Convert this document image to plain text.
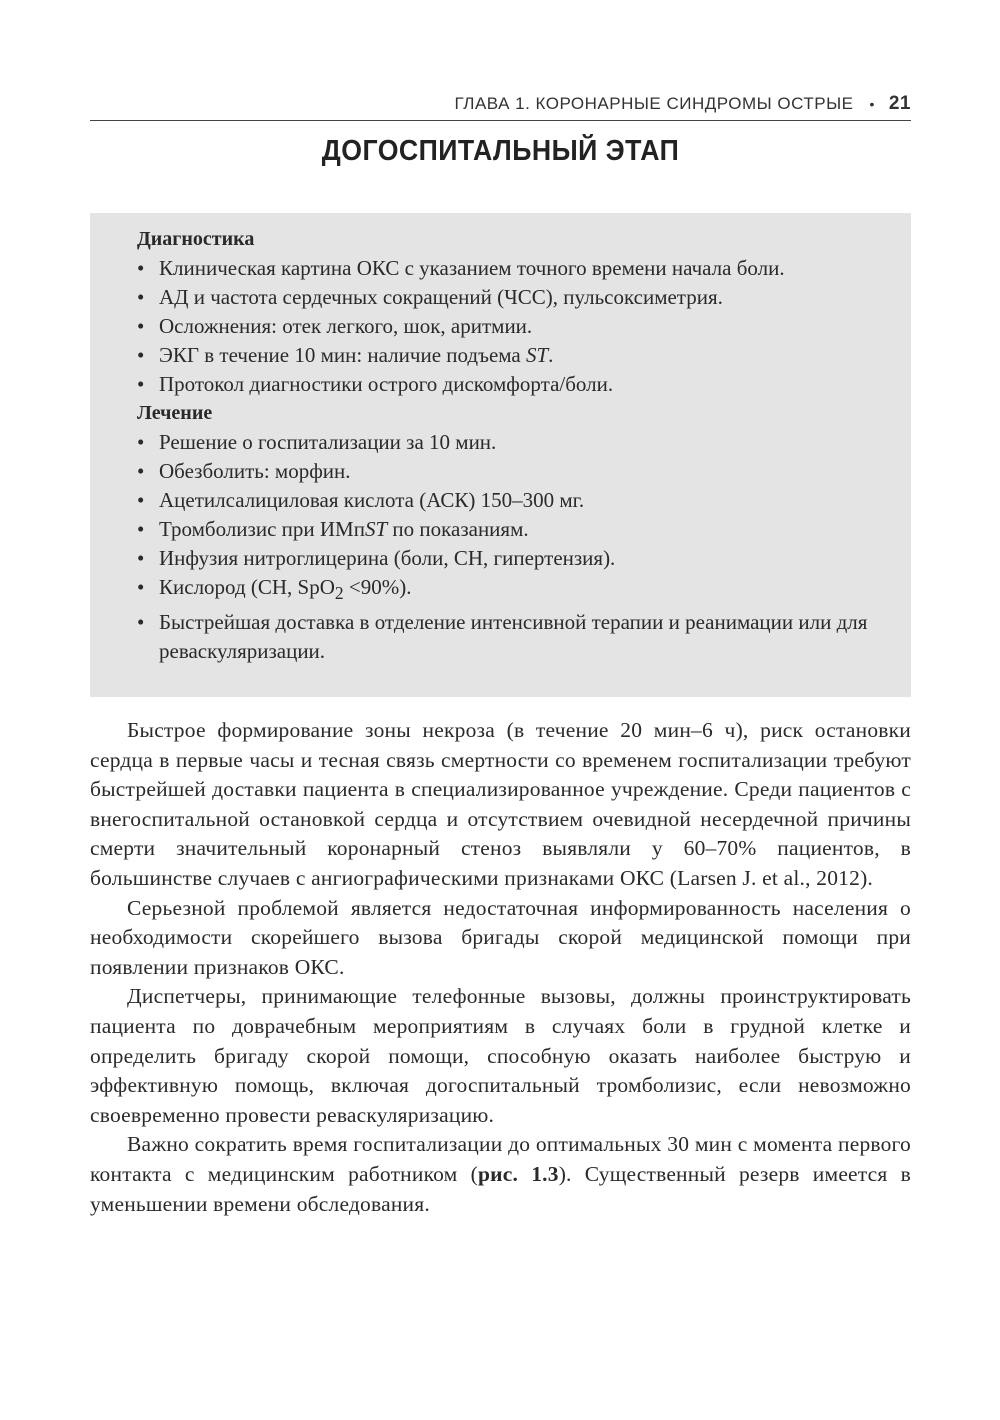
ГЛАВА 1. КОРОНАРНЫЕ СИНДРОМЫ ОСТРЫЕ • 21
ДОГОСПИТАЛЬНЫЙ ЭТАП

Диагностика

• Клиническая картина ОКС с указанием точного времени начала боли.
• АД и частота сердечных сокращений (ЧСС), пульсоксиметрия.
• Осложнения: отек легкого, шок, аритмии.
• ЭКГ в течение 10 мин: наличие подъема ST.
• Протокол диагностики острого дискомфорта/боли.

Лечение

• Решение о госпитализации за 10 мин.
• Обезболить: морфин.
• Ацетилсалициловая кислота (АСК) 150–300 мг.
• Тромболизис при ИМпST по показаниям.
• Инфузия нитроглицерина (боли, СН, гипертензия).
• Кислород (СН, SpO$_2$ <90%).
• Быстрейшая доставка в отделение интенсивной терапии и реанимации или для реваскуляризации.

Быстрое формирование зоны некроза (в течение 20 мин–6 ч), риск остановки сердца в первые часы и тесная связь смертности со временем госпитализации требуют быстрейшей доставки пациента в специализированное учреждение. Среди пациентов с внегоспитальной остановкой сердца и отсутствием очевидной несердечной причины смерти значительный коронарный стеноз выявляли у 60–70% пациентов, в большинстве случаев с ангиографическими признаками ОКС (Larsen J. et al., 2012).

Серьезной проблемой является недостаточная информированность населения о необходимости скорейшего вызова бригады скорой медицинской помощи при появлении признаков ОКС.

Диспетчеры, принимающие телефонные вызовы, должны проинструктировать пациента по доврачебным мероприятиям в случаях боли в грудной клетке и определить бригаду скорой помощи, способную оказать наиболее быструю и эффективную помощь, включая догоспитальный тромболизис, если невозможно своевременно провести реваскуляризацию.

Важно сократить время госпитализации до оптимальных 30 мин с момента первого контакта с медицинским работником (рис. 1.3). Существенный резерв имеется в уменьшении времени обследования.
